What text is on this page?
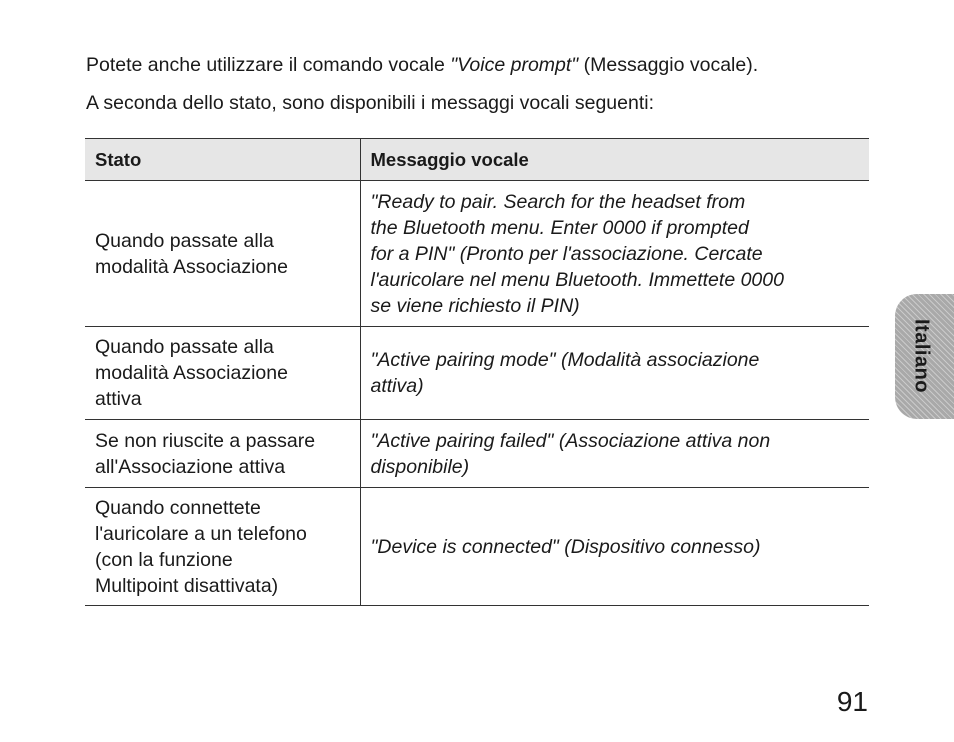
Potete anche utilizzare il comando vocale "Voice prompt" (Messaggio vocale).

A seconda dello stato, sono disponibili i messaggi vocali seguenti:

Stato	Messaggio vocale

Quando passate alla
modalità Associazione	"Ready to pair. Search for the headset from
the Bluetooth menu. Enter 0000 if prompted
for a PIN" (Pronto per l'associazione. Cercate
l'auricolare nel menu Bluetooth. Immettete 0000
se viene richiesto il PIN)

Quando passate alla
modalità Associazione
attiva	"Active pairing mode" (Modalità associazione
attiva)

Se non riuscite a passare
all'Associazione attiva	"Active pairing failed" (Associazione attiva non
disponibile)

Quando connettete
l'auricolare a un telefono
(con la funzione
Multipoint disattivata)	"Device is connected" (Dispositivo connesso)
Italiano
91
